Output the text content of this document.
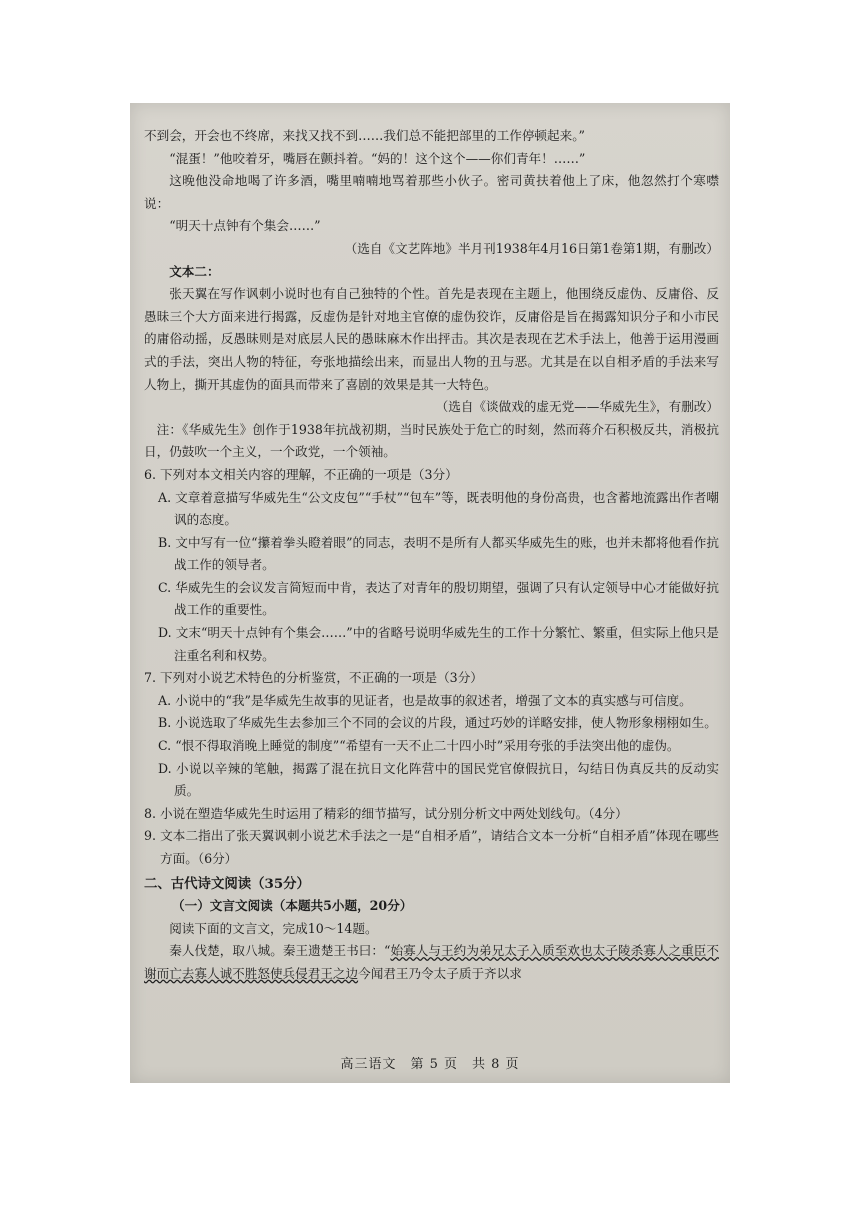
不到会，开会也不终席，来找又找不到……我们总不能把部里的工作停顿起来。”

“混蛋！”他咬着牙，嘴唇在颤抖着。“妈的！这个这个——你们青年！……”

这晚他没命地喝了许多酒，嘴里喃喃地骂着那些小伙子。密司黄扶着他上了床，他忽然打个寒噤说：

“明天十点钟有个集会……”

（选自《文艺阵地》半月刊1938年4月16日第1卷第1期，有删改）

文本二：

张天翼在写作讽刺小说时也有自己独特的个性。首先是表现在主题上，他围绕反虚伪、反庸俗、反愚昧三个大方面来进行揭露，反虚伪是针对地主官僚的虚伪狡诈，反庸俗是旨在揭露知识分子和小市民的庸俗动摇，反愚昧则是对底层人民的愚昧麻木作出抨击。其次是表现在艺术手法上，他善于运用漫画式的手法，突出人物的特征，夸张地描绘出来，而显出人物的丑与恶。尤其是在以自相矛盾的手法来写人物上，撕开其虚伪的面具而带来了喜剧的效果是其一大特色。

（选自《谈做戏的虚无党——华威先生》，有删改）

注：《华威先生》创作于1938年抗战初期，当时民族处于危亡的时刻，然而蒋介石积极反共，消极抗日，仍鼓吹一个主义，一个政党，一个领袖。

6. 下列对本文相关内容的理解，不正确的一项是（3分）

A. 文章着意描写华威先生“公文皮包”“手杖”“包车”等，既表明他的身份高贵，也含蓄地流露出作者嘲讽的态度。

B. 文中写有一位“攥着拳头瞪着眼”的同志，表明不是所有人都买华威先生的账，也并未都将他看作抗战工作的领导者。

C. 华威先生的会议发言简短而中肯，表达了对青年的殷切期望，强调了只有认定领导中心才能做好抗战工作的重要性。

D. 文末“明天十点钟有个集会……”中的省略号说明华威先生的工作十分繁忙、繁重，但实际上他只是注重名利和权势。

7. 下列对小说艺术特色的分析鉴赏，不正确的一项是（3分）

A. 小说中的“我”是华威先生故事的见证者，也是故事的叙述者，增强了文本的真实感与可信度。

B. 小说选取了华威先生去参加三个不同的会议的片段，通过巧妙的详略安排，使人物形象栩栩如生。

C. “恨不得取消晚上睡觉的制度”“希望有一天不止二十四小时”采用夸张的手法突出他的虚伪。

D. 小说以辛辣的笔触，揭露了混在抗日文化阵营中的国民党官僚假抗日，勾结日伪真反共的反动实质。

8. 小说在塑造华威先生时运用了精彩的细节描写，试分别分析文中两处划线句。（4分）

9. 文本二指出了张天翼讽刺小说艺术手法之一是“自相矛盾”，请结合文本一分析“自相矛盾”体现在哪些方面。（6分）

二、古代诗文阅读（35分）

（一）文言文阅读（本题共5小题，20分）

阅读下面的文言文，完成10～14题。

秦人伐楚，取八城。秦王遗楚王书曰：“始寡人与王约为弟兄太子入质至欢也太子陵杀寡人之重臣不谢而亡去寡人诚不胜怒使兵侵君王之边今闻君王乃令太子质于齐以求

高三语文　第 5 页　共 8 页
